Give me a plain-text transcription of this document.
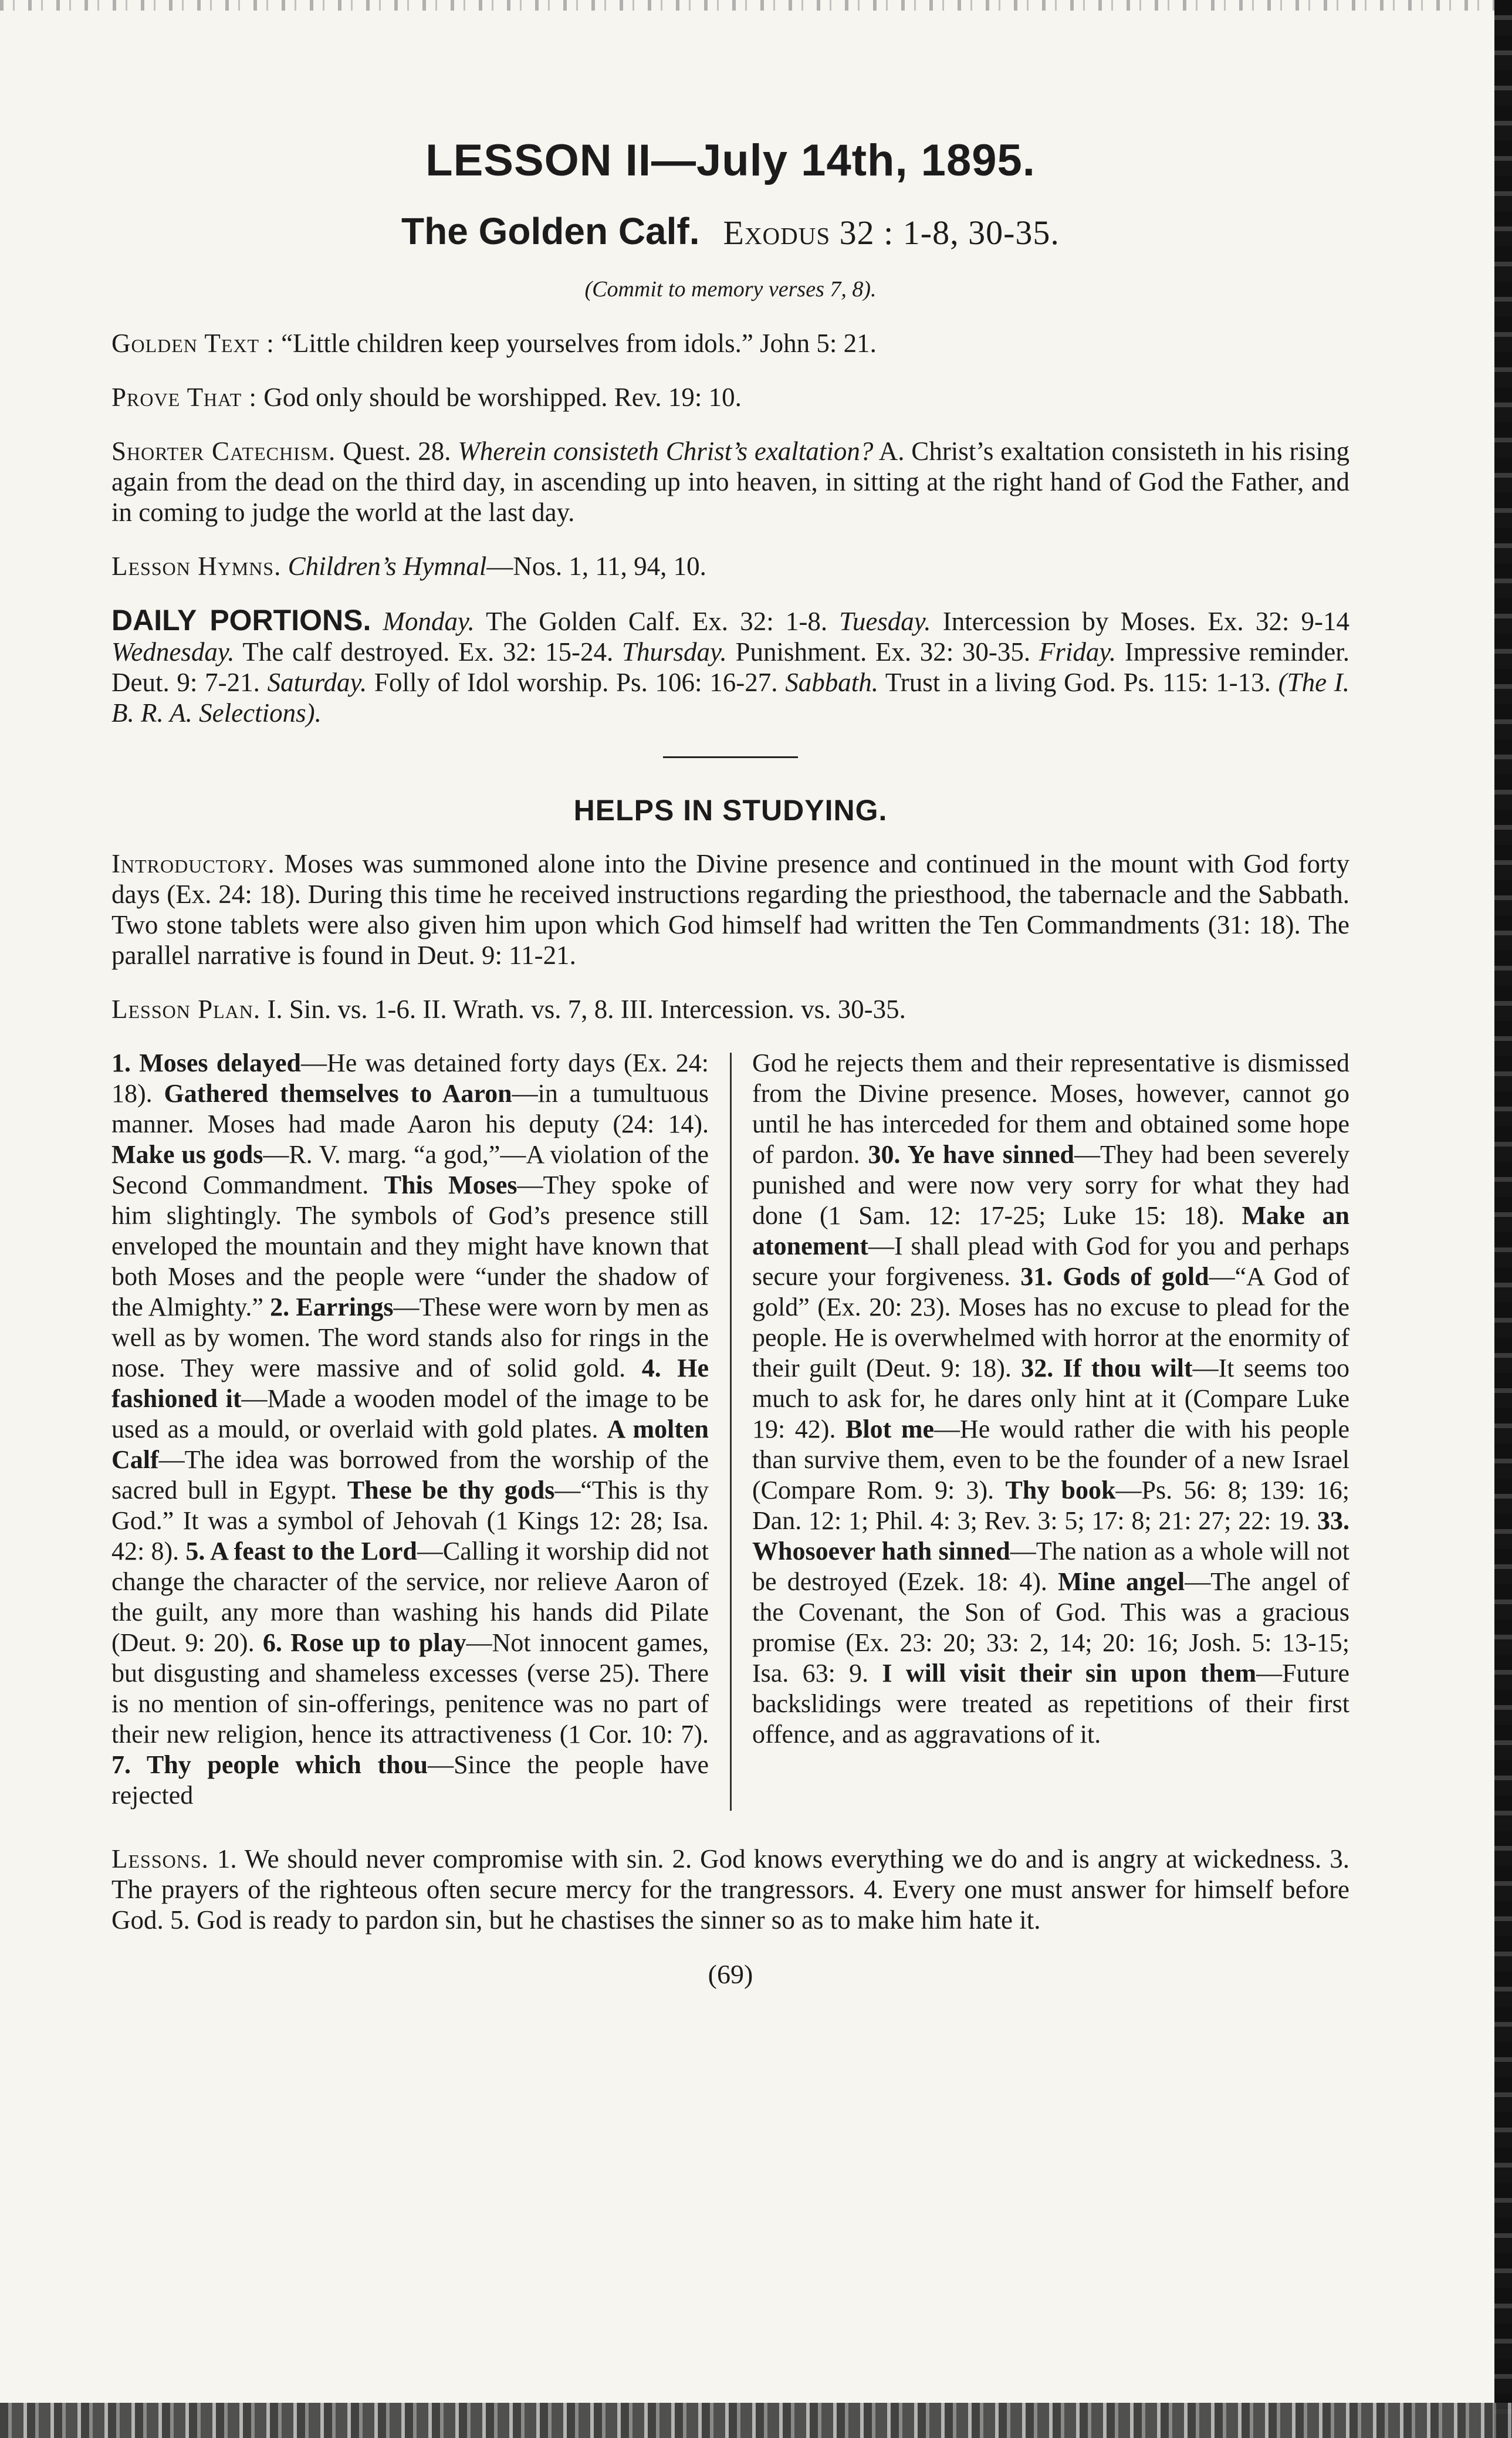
LESSON II—July 14th, 1895.
The Golden Calf. Exodus 32 : 1-8, 30-35.
(Commit to memory verses 7, 8).

Golden Text : “Little children keep yourselves from idols.” John 5: 21.

Prove That : God only should be worshipped. Rev. 19: 10.

Shorter Catechism. Quest. 28. Wherein consisteth Christ’s exaltation? A. Christ’s exaltation consisteth in his rising again from the dead on the third day, in ascending up into heaven, in sitting at the right hand of God the Father, and in coming to judge the world at the last day.

Lesson Hymns. Children’s Hymnal—Nos. 1, 11, 94, 10.

DAILY PORTIONS. Monday. The Golden Calf. Ex. 32: 1-8. Tuesday. Intercession by Moses. Ex. 32: 9-14 Wednesday. The calf destroyed. Ex. 32: 15-24. Thursday. Punishment. Ex. 32: 30-35. Friday. Impressive reminder. Deut. 9: 7-21. Saturday. Folly of Idol worship. Ps. 106: 16-27. Sabbath. Trust in a living God. Ps. 115: 1-13. (The I. B. R. A. Selections).

HELPS IN STUDYING.

Introductory. Moses was summoned alone into the Divine presence and continued in the mount with God forty days (Ex. 24: 18). During this time he received instructions regarding the priesthood, the tabernacle and the Sabbath. Two stone tablets were also given him upon which God himself had written the Ten Commandments (31: 18). The parallel narrative is found in Deut. 9: 11-21.

Lesson Plan. I. Sin. vs. 1-6. II. Wrath. vs. 7, 8. III. Intercession. vs. 30-35.

1. Moses delayed—He was detained forty days (Ex. 24: 18). Gathered themselves to Aaron—in a tumultuous manner. Moses had made Aaron his deputy (24: 14). Make us gods—R. V. marg. “a god,”—A violation of the Second Commandment. This Moses—They spoke of him slightingly. The symbols of God’s presence still enveloped the mountain and they might have known that both Moses and the people were “under the shadow of the Almighty.” 2. Earrings—These were worn by men as well as by women. The word stands also for rings in the nose. They were massive and of solid gold. 4. He fashioned it—Made a wooden model of the image to be used as a mould, or overlaid with gold plates. A molten Calf—The idea was borrowed from the worship of the sacred bull in Egypt. These be thy gods—“This is thy God.” It was a symbol of Jehovah (1 Kings 12: 28; Isa. 42: 8). 5. A feast to the Lord—Calling it worship did not change the character of the service, nor relieve Aaron of the guilt, any more than washing his hands did Pilate (Deut. 9: 20). 6. Rose up to play—Not innocent games, but disgusting and shameless excesses (verse 25). There is no mention of sin-offerings, penitence was no part of their new religion, hence its attractiveness (1 Cor. 10: 7). 7. Thy people which thou—Since the people have rejected
God he rejects them and their representative is dismissed from the Divine presence. Moses, however, cannot go until he has interceded for them and obtained some hope of pardon. 30. Ye have sinned—They had been severely punished and were now very sorry for what they had done (1 Sam. 12: 17-25; Luke 15: 18). Make an atonement—I shall plead with God for you and perhaps secure your forgiveness. 31. Gods of gold—“A God of gold” (Ex. 20: 23). Moses has no excuse to plead for the people. He is overwhelmed with horror at the enormity of their guilt (Deut. 9: 18). 32. If thou wilt—It seems too much to ask for, he dares only hint at it (Compare Luke 19: 42). Blot me—He would rather die with his people than survive them, even to be the founder of a new Israel (Compare Rom. 9: 3). Thy book—Ps. 56: 8; 139: 16; Dan. 12: 1; Phil. 4: 3; Rev. 3: 5; 17: 8; 21: 27; 22: 19. 33. Whosoever hath sinned—The nation as a whole will not be destroyed (Ezek. 18: 4). Mine angel—The angel of the Covenant, the Son of God. This was a gracious promise (Ex. 23: 20; 33: 2, 14; 20: 16; Josh. 5: 13-15; Isa. 63: 9. I will visit their sin upon them—Future backslidings were treated as repetitions of their first offence, and as aggravations of it.

Lessons. 1. We should never compromise with sin. 2. God knows everything we do and is angry at wickedness. 3. The prayers of the righteous often secure mercy for the trangressors. 4. Every one must answer for himself before God. 5. God is ready to pardon sin, but he chastises the sinner so as to make him hate it.

(69)
